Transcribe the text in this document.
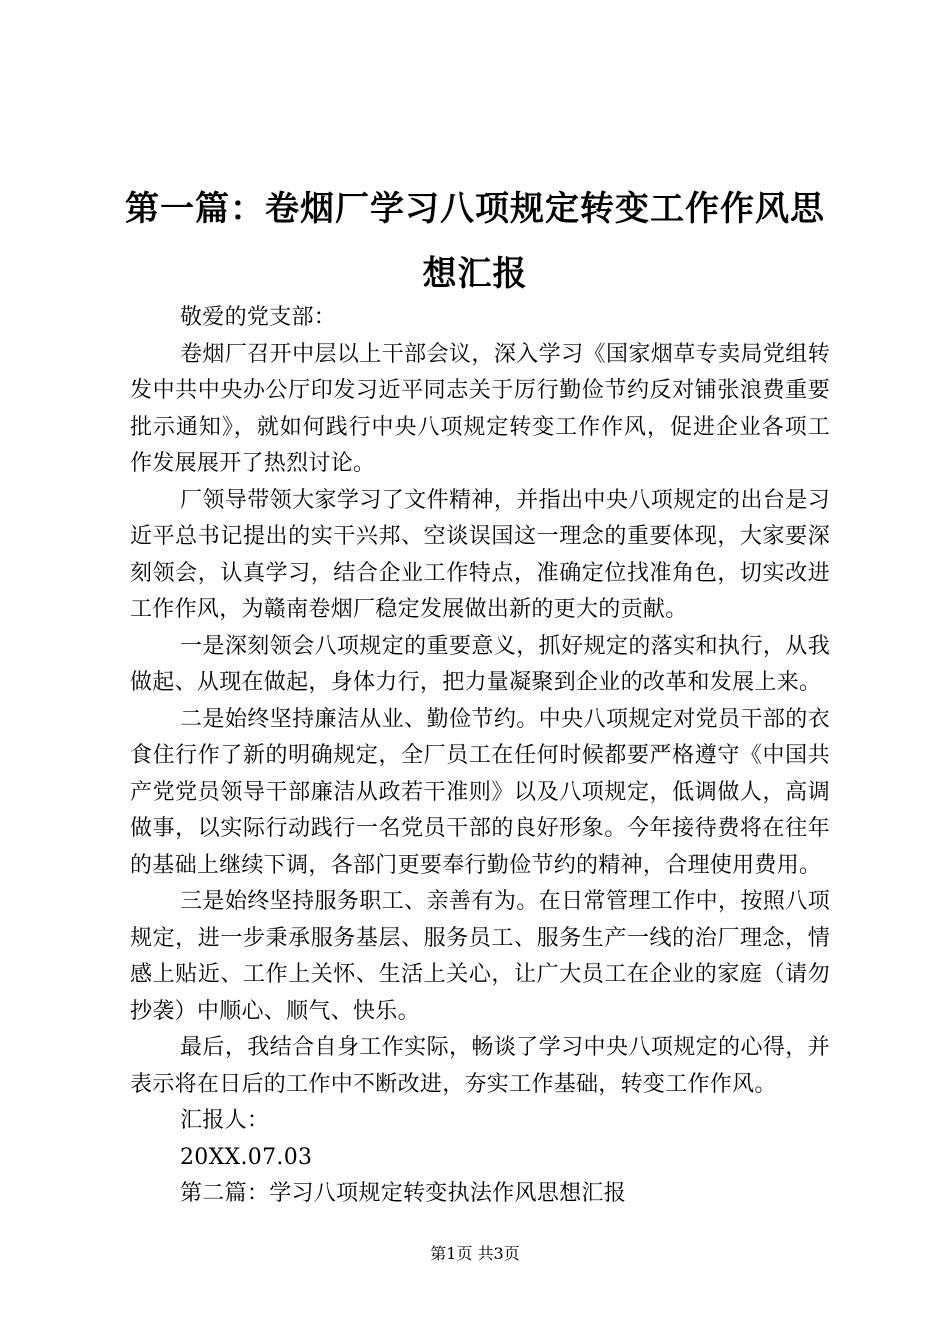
第一篇：卷烟厂学习八项规定转变工作作风思想汇报

敬爱的党支部：

卷烟厂召开中层以上干部会议，深入学习《国家烟草专卖局党组转发中共中央办公厅印发习近平同志关于厉行勤俭节约反对铺张浪费重要批示通知》，就如何践行中央八项规定转变工作作风，促进企业各项工作发展展开了热烈讨论。

厂领导带领大家学习了文件精神，并指出中央八项规定的出台是习近平总书记提出的实干兴邦、空谈误国这一理念的重要体现，大家要深刻领会，认真学习，结合企业工作特点，准确定位找准角色，切实改进工作作风，为赣南卷烟厂稳定发展做出新的更大的贡献。

一是深刻领会八项规定的重要意义，抓好规定的落实和执行，从我做起、从现在做起，身体力行，把力量凝聚到企业的改革和发展上来。

二是始终坚持廉洁从业、勤俭节约。中央八项规定对党员干部的衣食住行作了新的明确规定，全厂员工在任何时候都要严格遵守《中国共产党党员领导干部廉洁从政若干准则》以及八项规定，低调做人，高调做事，以实际行动践行一名党员干部的良好形象。今年接待费将在往年的基础上继续下调，各部门更要奉行勤俭节约的精神，合理使用费用。

三是始终坚持服务职工、亲善有为。在日常管理工作中，按照八项规定，进一步秉承服务基层、服务员工、服务生产一线的治厂理念，情感上贴近、工作上关怀、生活上关心，让广大员工在企业的家庭（请勿抄袭）中顺心、顺气、快乐。

最后，我结合自身工作实际，畅谈了学习中央八项规定的心得，并表示将在日后的工作中不断改进，夯实工作基础，转变工作作风。

汇报人：

20XX.07.03

第二篇：学习八项规定转变执法作风思想汇报

第1页 共3页
